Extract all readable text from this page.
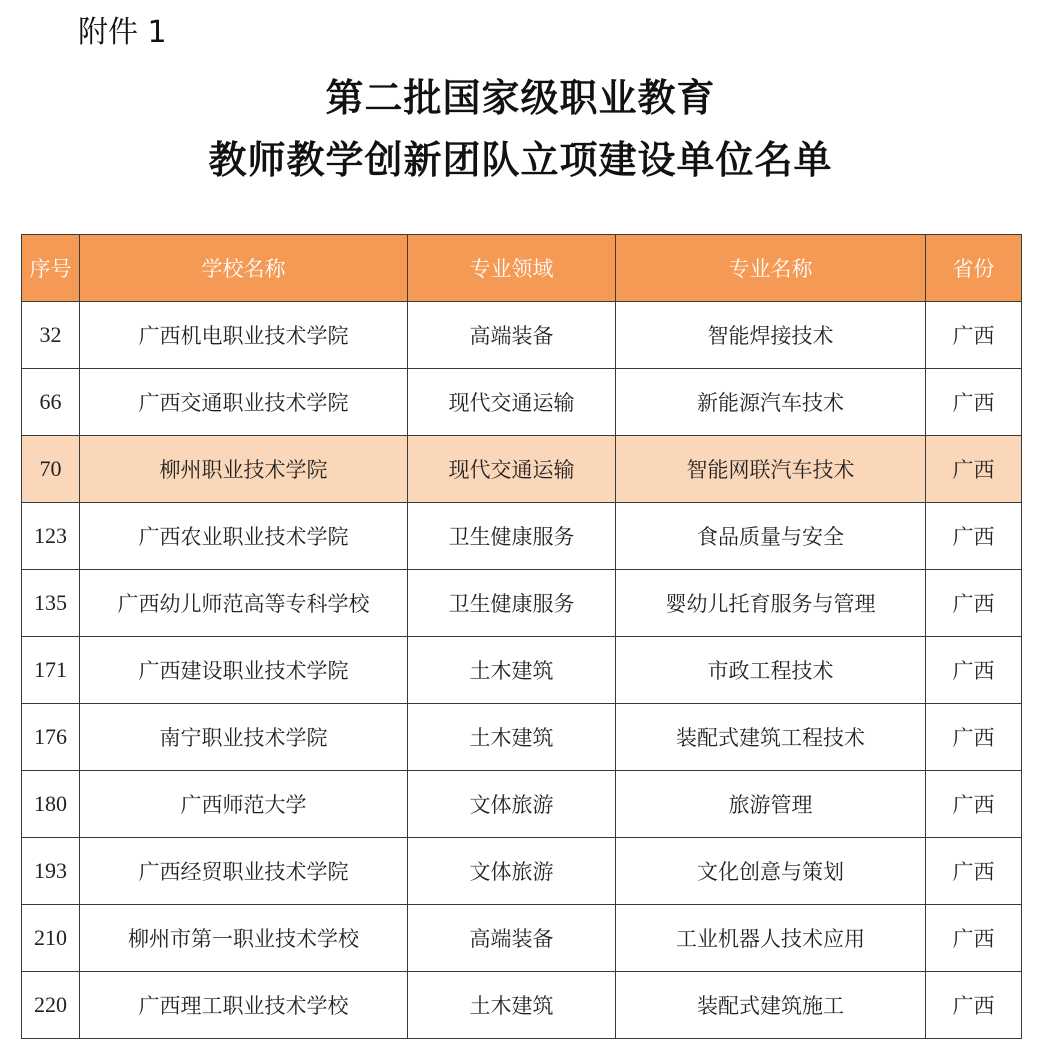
附件 1
第二批国家级职业教育
教师教学创新团队立项建设单位名单
序号	学校名称	专业领域	专业名称	省份
32	广西机电职业技术学院	高端装备	智能焊接技术	广西
66	广西交通职业技术学院	现代交通运输	新能源汽车技术	广西
70	柳州职业技术学院	现代交通运输	智能网联汽车技术	广西
123	广西农业职业技术学院	卫生健康服务	食品质量与安全	广西
135	广西幼儿师范高等专科学校	卫生健康服务	婴幼儿托育服务与管理	广西
171	广西建设职业技术学院	土木建筑	市政工程技术	广西
176	南宁职业技术学院	土木建筑	装配式建筑工程技术	广西
180	广西师范大学	文体旅游	旅游管理	广西
193	广西经贸职业技术学院	文体旅游	文化创意与策划	广西
210	柳州市第一职业技术学校	高端装备	工业机器人技术应用	广西
220	广西理工职业技术学校	土木建筑	装配式建筑施工	广西
